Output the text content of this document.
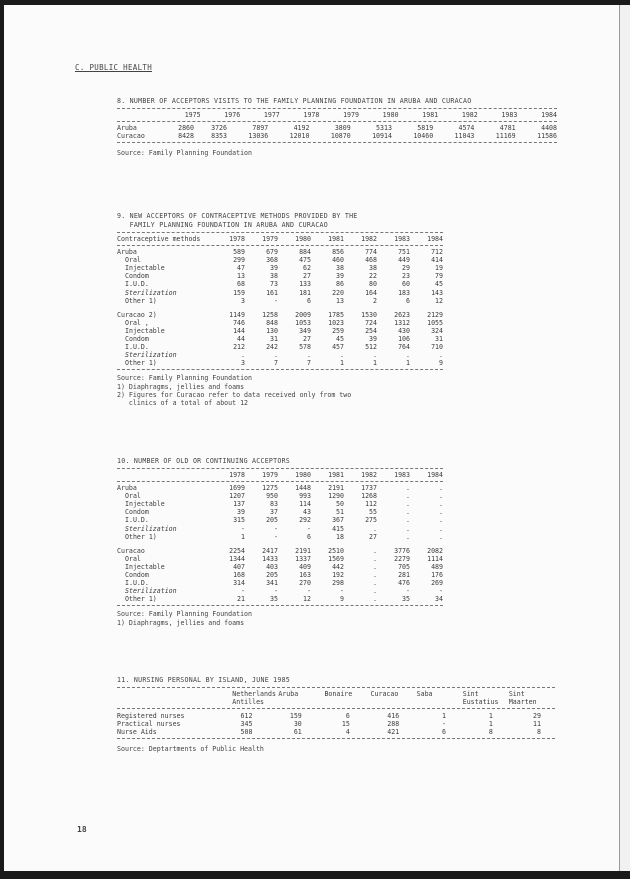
C. PUBLIC HEALTH
8. NUMBER OF ACCEPTORS VISITS TO THE FAMILY PLANNING FOUNDATION IN ARUBA AND CURACAO
	1975	1976	1977	1978	1979	1980	1981	1982	1983	1984
Aruba	2860	3726	7897	4192	3809	5313	5819	4574	4781	4408
Curacao	8428	8353	13036	12010	10870	10914	10460	11043	11169	11586
Source: Family Planning Foundation
9. NEW ACCEPTORS OF CONTRACEPTIVE METHODS PROVIDED BY THE
FAMILY PLANNING FOUNDATION IN ARUBA AND CURACAO
Contraceptive methods	1978	1979	1980	1981	1982	1983	1984
Aruba	589	679	884	856	774	751	712
Oral	299	368	475	460	468	449	414
Injectable	47	39	62	38	38	29	19
Condom	13	38	27	39	22	23	79
I.U.D.	68	73	133	86	80	60	45
Sterilization	159	161	181	220	164	183	143
Other 1)	3	-	6	13	2	6	12

Curacao 2)	1149	1258	2009	1785	1530	2623	2129
Oral ,	746	848	1053	1023	724	1312	1055
Injectable	144	130	349	259	254	430	324
Condom	44	31	27	45	39	106	31
I.U.D.	212	242	578	457	512	764	710
Sterilization	.	.	.	.	.	.	.
Other 1)	3	7	7	1	1	1	9
Source: Family Planning Foundation
1) Diaphragms, jellies and foams
2) Figures for Curacao refer to data received only from two
clinics of a total of about 12
10. NUMBER OF OLD OR CONTINUING ACCEPTORS
	1978	1979	1980	1981	1982	1983	1984
Aruba	1699	1275	1448	2191	1737	.	.
Oral	1207	950	993	1290	1268	.	.
Injectable	137	83	114	50	112	.	.
Condom	39	37	43	51	55	.	.
I.U.D.	315	205	292	367	275	.	.
Sterilization	-	-	-	415	.	.	.
Other 1)	1	-	6	18	27	.	.

Curacao	2254	2417	2191	2510	.	3776	2082
Oral	1344	1433	1337	1569	.	2279	1114
Injectable	407	403	409	442	.	705	489
Condom	168	205	163	192	.	281	176
I.U.D.	314	341	270	298	.	476	269
Sterilization	-	-	-	-	.	-	-
Other 1)	21	35	12	9	.	35	34
Source: Family Planning Foundation
1) Diaphragms, jellies and foams
11. NURSING PERSONAL BY ISLAND, JUNE 1985
	Netherlands	Aruba	Bonaire	Curacao	Saba	Sint	Sint
	Antilles					Eustatius	Maarten
Registered nurses	612	159	6	416	1	1	29
Practical nurses	345	30	15	288	-	1	11
Nurse Aids	508	61	4	421	6	8	8
Source: Deptartments of Public Health
18
